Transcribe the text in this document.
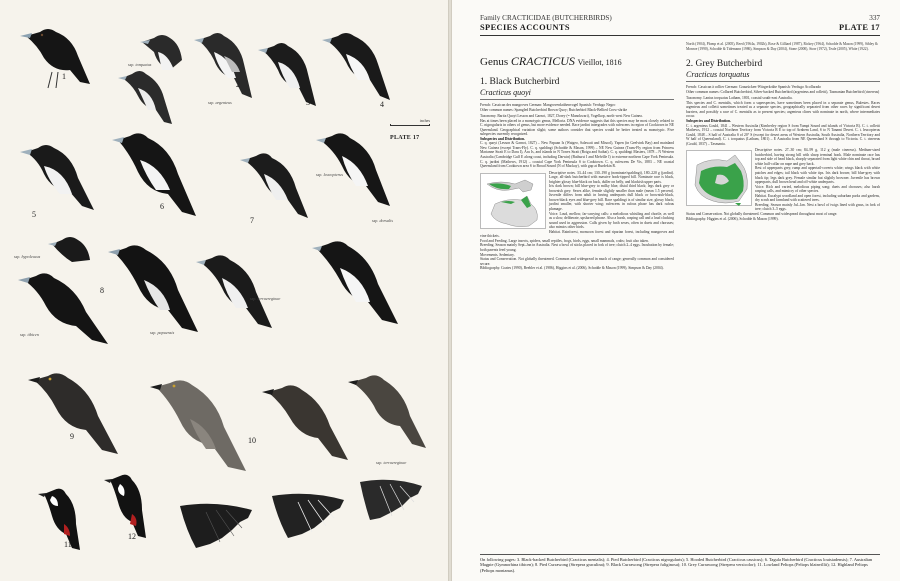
1
ssp. torquatus
2
3	4
inches
PLATE 17
ssp. argenteus
5
6
7
ssp. leucopterus
ssp. dorsalis
ssp. hypoleucus
ssp. tibicen
8
ssp. papuensis
ssp. terraereginae
9	10
ssp. terraereginae
11
12
Family CRACTICIDAE (BUTCHERBIRDS)
SPECIES ACCOUNTS
337
PLATE 17
Genus CRACTICUS Vieillot, 1816
1. Black Butcherbird
Cracticus quoyi
French: Cassican des mangroves German: Mangrovenkrähenvogel Spanish: Verdugo Negro
Other common names: Spangled Butcherbird Brown Quoy; Butcherbird Black-Bellied Crow-shrike
Taxonomy. Barita Quoyi Lesson and Garnot, 1827, Dorey (= Manokwari), Vogelkop, north-west New Guinea.
Has at times been placed in a monotypic genus, Melloria. DNA evidence suggests that this species may be most closely related to C. nigrogularis in others of genus, but more evidence needed. Race jardini intergrades with rufescens in region of Cooktown in NE Queensland. Geographical variation slight; some authors consider that species would be better treated as monotypic. Five subspecies currently recognized.
Subspecies and Distribution.
C. q. quoyi (Lesson & Garnot, 1827) – New Papuan Is (Waigeo, Salawati and Misool), Yapen (in Geelvink Bay) and mainland New Guinea (except Trans-Fly). C. q. spaldingi (Schodde & Mason, 1999) – NE New Guinea (Trans-Fly region from Princess Marianne Strait E to Daru I), Aru Is, and islands in N Torres Strait (Boigu and Saibai). C. q. spaldingi Masters, 1878 – N Western Australia (Cambridge Gulf E along coast, including Darwin) (Bathurst I and Melville I) to extreme northern Cape York Peninsula. C. q. jardini (Mathews, 1912) – coastal Cape York Peninsula S to Cooktown. C. q. rufescens De Vis, 1883 – NE coastal Queensland from Cooktown area S to Broad Sound (N of Mackay), with gap at Burdekin R.
Descriptive notes. 33–44 cm; 130–190 g (nominate/spaldingi), 180–220 g (jardini). Large, all-dark butcherbird with massive hook-tipped bill. Nominate race is black, brighter glossy blue-black on back, duller on belly, and blackish upper parts.
Iris dark brown; bill blue-grey to milky blue, distal third black; legs dark grey or brownish grey. Sexes alike, female slightly smaller than male (mean 1.5 percent). Juvenile differs from adult in having underparts dull black or brownish-black, brown-black eyes and blue-grey bill. Race spaldingi is of similar size, glossy black; jardini smaller, with shorter wing; rufescens in rufous phase has dark rufous plumage.
Voice. Loud, mellow, far-carrying calls: a melodious whistling and chortle, as well as a slow, deliberate, upslurred phrase. Also a harsh, rasping call and a loud clucking sound used in aggression. Calls given by both sexes, often in duets and choruses; also mimics other birds.
Habitat. Rainforest, monsoon forest and riparian forest, including mangroves and vine thickets.
Food and Feeding. Large insects, spiders, small reptiles, frogs, birds, eggs, small mammals, crabs; fruit also taken.
Breeding. Season mainly Sept–Jan in Australia. Nest a bowl of sticks placed in fork of tree; clutch 2–4 eggs. Incubation by female; both parents feed young.
Movements. Sedentary.
Status and Conservation. Not globally threatened. Common and widespread in much of range; generally common and considered secure.
Bibliography. Coates (1990), Beehler et al. (1986), Higgins et al. (2006), Schodde & Mason (1999), Simpson & Day (2004).
North (1904), Plomp et al. (2005), Reed (1964a, 1902b), Rose & Gilliard (1987), Rickey (1964), Schodde & Mason (1999), Sibley & Monroe (1990), Schodde & Tidemann (1986), Simpson & Day (2004), Stone (2000), Storr (1972), Teale (2005), White (1922).
2. Grey Butcherbird
Cracticus torquatus
French: Cassican à collier German: Graurücken-Würgerkrähe Spanish: Verdugo Acollarado
Other common names: Collared Butcherbird, Silver-backed Butcherbird (argenteus and colletti), Tasmanian Butcherbird (cinereus)
Taxonomy. Lanius torquatus Latham, 1801, coastal south-east Australia.
This species and C. mentalis, which form a superspecies, have sometimes been placed in a separate genus, Bulestes. Races argenteus and colletti sometimes treated as a separate species, geographically separated from other races by significant desert barriers, and possibly a race of C. mentalis as to present species; argenteus clines with nominate in north, where intermediates occur.
Subspecies and Distribution.
C. t. argenteus Gould, 1841 – Western Australia (Kimberley region S from Yampi Sound and islands of Victoria R). C. t. colletti Mathews, 1912 – coastal Northern Territory from Victoria R E to top of Arnhem Land, S to N Tanami Desert. C. t. leucopterus Gould, 1848 – S half of Australia S of 20° S (except for desert areas of Western Australia, South Australia, Northern Territory and W half of Queensland). C. t. torquatus (Latham, 1801) – E Australia from NE Queensland S through to Victoria. C. t. cinereus (Gould, 1837) – Tasmania.
Descriptive notes. 27–30 cm; 84–99 g, 112 g (male cinereus). Medium-sized butcherbird, having strong bill with sharp terminal hook. Male nominate race has top and side of head black, sharply separated from light white chin and throat, broad white half-collar on nape and grey back.
Rest of upperparts grey, rump and uppertail-coverts white; wings black with white patches and edges; tail black with white tips. Iris dark brown; bill blue-grey with black tip; legs dark grey. Female similar but slightly browner. Juvenile has brown upperparts, dull brown head and off-white underparts.
Voice. Rich and varied, melodious piping song; duets and choruses; also harsh rasping calls, and mimicry of other species.
Habitat. Eucalypt woodland and open forest, including suburban parks and gardens, dry scrub and farmland with scattered trees.
Breeding. Season mainly Jul–Jan. Nest a bowl of twigs lined with grass, in fork of tree; clutch 3–5 eggs.
Status and Conservation. Not globally threatened. Common and widespread throughout most of range.
Bibliography. Higgins et al. (2006), Schodde & Mason (1999).
On following pages: 3. Black-backed Butcherbird (Cracticus mentalis); 4. Pied Butcherbird (Cracticus nigrogularis); 5. Hooded Butcherbird (Cracticus cassicus); 6. Tagula Butcherbird (Cracticus louisiadensis); 7. Australian Magpie (Gymnorhina tibicen); 8. Pied Currawong (Strepera graculina); 9. Black Currawong (Strepera fuliginosa); 10. Grey Currawong (Strepera versicolor); 11. Lowland Peltops (Peltops blainvillii); 12. Highland Peltops (Peltops montanus).
